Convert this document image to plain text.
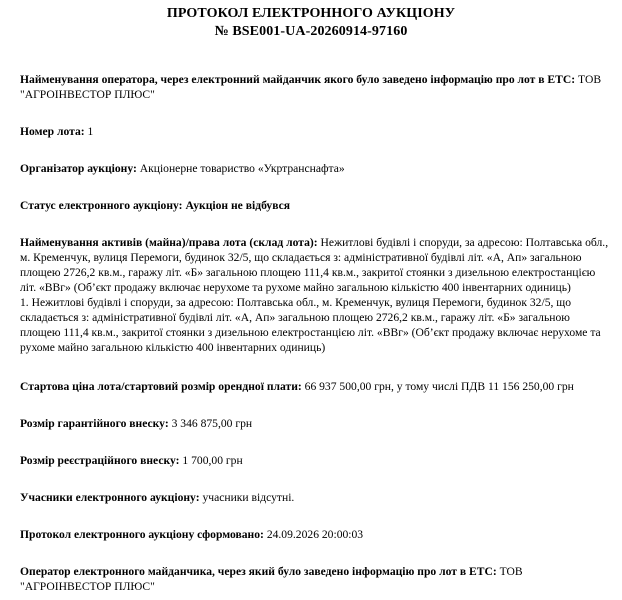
ПРОТОКОЛ ЕЛЕКТРОННОГО АУКЦІОНУ
№ BSE001-UA-20260914-97160
Найменування оператора, через електронний майданчик якого було заведено інформацію про лот в ЕТС: ТОВ "АГРОІНВЕСТОР ПЛЮС"
Номер лота: 1
Організатор аукціону: Акціонерне товариство «Укртранснафта»
Статус електронного аукціону: Аукціон не відбувся

Найменування активів (майна)/права лота (склад лота): Нежитлові будівлі і споруди, за адресою: Полтавська обл., м. Кременчук, вулиця Перемоги, будинок 32/5, що складається з: адміністративної будівлі літ. «А, Ап» загальною площею 2726,2 кв.м., гаражу літ. «Б» загальною площею 111,4 кв.м., закритої стоянки з дизельною електростанцією літ. «ВВг» (Об’єкт продажу включає нерухоме та рухоме майно загальною кількістю 400 інвентарних одиниць)

1. Нежитлові будівлі і споруди, за адресою: Полтавська обл., м. Кременчук, вулиця Перемоги, будинок 32/5, що складається з: адміністративної будівлі літ. «А, Ап» загальною площею 2726,2 кв.м., гаражу літ. «Б» загальною площею 111,4 кв.м., закритої стоянки з дизельною електростанцією літ. «ВВг» (Об’єкт продажу включає нерухоме та рухоме майно загальною кількістю 400 інвентарних одиниць)

Стартова ціна лота/стартовий розмір орендної плати: 66 937 500,00 грн, у тому числі ПДВ 11 156 250,00 грн
Розмір гарантійного внеску: 3 346 875,00 грн
Розмір реєстраційного внеску: 1 700,00 грн
Учасники електронного аукціону: учасники відсутні.
Протокол електронного аукціону сформовано: 24.09.2026 20:00:03
Оператор електронного майданчика, через який було заведено інформацію про лот в ЕТС: ТОВ "АГРОІНВЕСТОР ПЛЮС"
